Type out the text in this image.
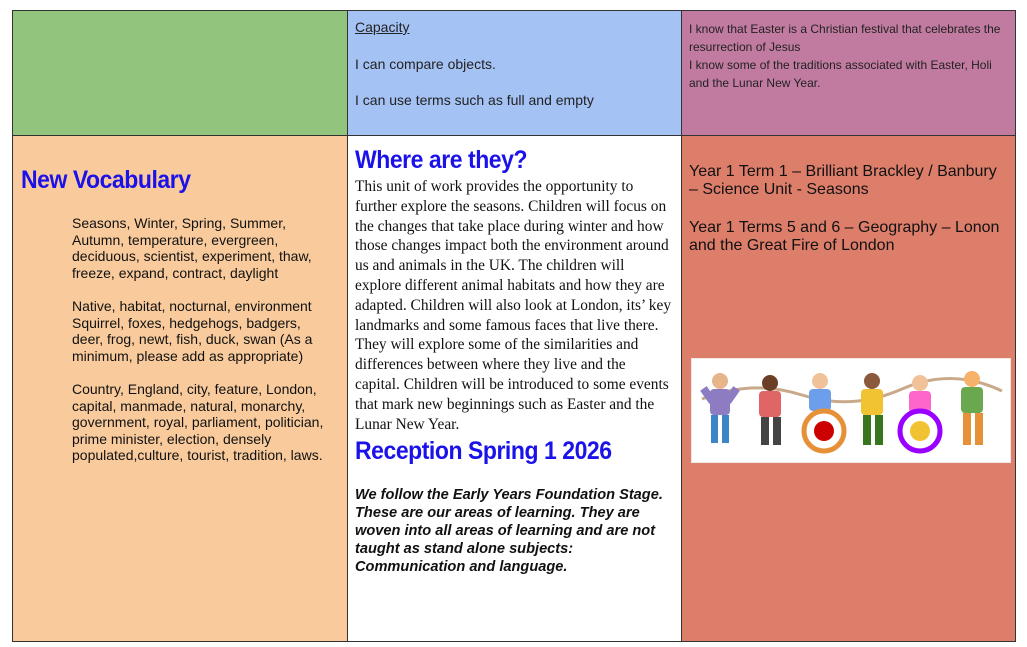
Capacity

I can compare objects.

I can use terms such as full and empty

I know that Easter is a Christian festival that celebrates the resurrection of Jesus

I know some of the traditions associated with Easter, Holi and the Lunar New Year.

New Vocabulary

Seasons, Winter, Spring, Summer, Autumn, temperature, evergreen, deciduous, scientist, experiment, thaw, freeze, expand, contract, daylight

Native, habitat, nocturnal, environment Squirrel, foxes, hedgehogs, badgers, deer, frog, newt, fish, duck, swan (As a minimum, please add as appropriate)

Country, England, city, feature, London, capital, manmade, natural, monarchy, government, royal, parliament, politician, prime minister, election, densely populated,culture, tourist, tradition, laws.

Where are they?

This unit of work provides the opportunity to further explore the seasons. Children will focus on the changes that take place during winter and how those changes impact both the environment around us and animals in the UK. The children will explore different animal habitats and how they are adapted. Children will also look at London, its’ key landmarks and some famous faces that live there. They will explore some of the similarities and differences between where they live and the capital. Children will be introduced to some events that mark new beginnings such as Easter and the Lunar New Year.

Reception Spring 1 2026

We follow the Early Years Foundation Stage. These are our areas of learning. They are woven into all areas of learning and are not taught as stand alone subjects:
Communication and language.

Year 1 Term 1 – Brilliant Brackley / Banbury – Science Unit - Seasons

Year 1 Terms 5 and 6 – Geography – Lonon and the Great Fire of London
